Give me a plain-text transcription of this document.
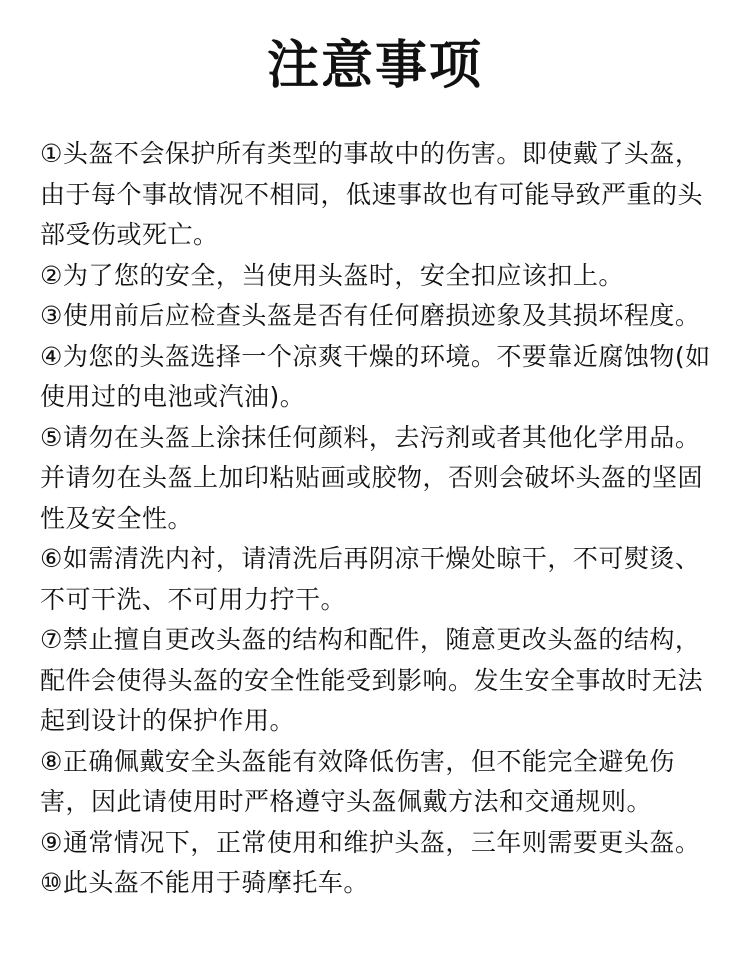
注意事项
①头盔不会保护所有类型的事故中的伤害。即使戴了头盔，
由于每个事故情况不相同，低速事故也有可能导致严重的头
部受伤或死亡。
②为了您的安全，当使用头盔时，安全扣应该扣上。
③使用前后应检查头盔是否有任何磨损迹象及其损坏程度。
④为您的头盔选择一个凉爽干燥的环境。不要靠近腐蚀物(如
使用过的电池或汽油)。
⑤请勿在头盔上涂抹任何颜料，去污剂或者其他化学用品。
并请勿在头盔上加印粘贴画或胶物，否则会破坏头盔的坚固
性及安全性。
⑥如需清洗内衬，请清洗后再阴凉干燥处晾干，不可熨烫、
不可干洗、不可用力拧干。
⑦禁止擅自更改头盔的结构和配件，随意更改头盔的结构，
配件会使得头盔的安全性能受到影响。发生安全事故时无法
起到设计的保护作用。
⑧正确佩戴安全头盔能有效降低伤害，但不能完全避免伤
害，因此请使用时严格遵守头盔佩戴方法和交通规则。
⑨通常情况下，正常使用和维护头盔，三年则需要更头盔。
⑩此头盔不能用于骑摩托车。
